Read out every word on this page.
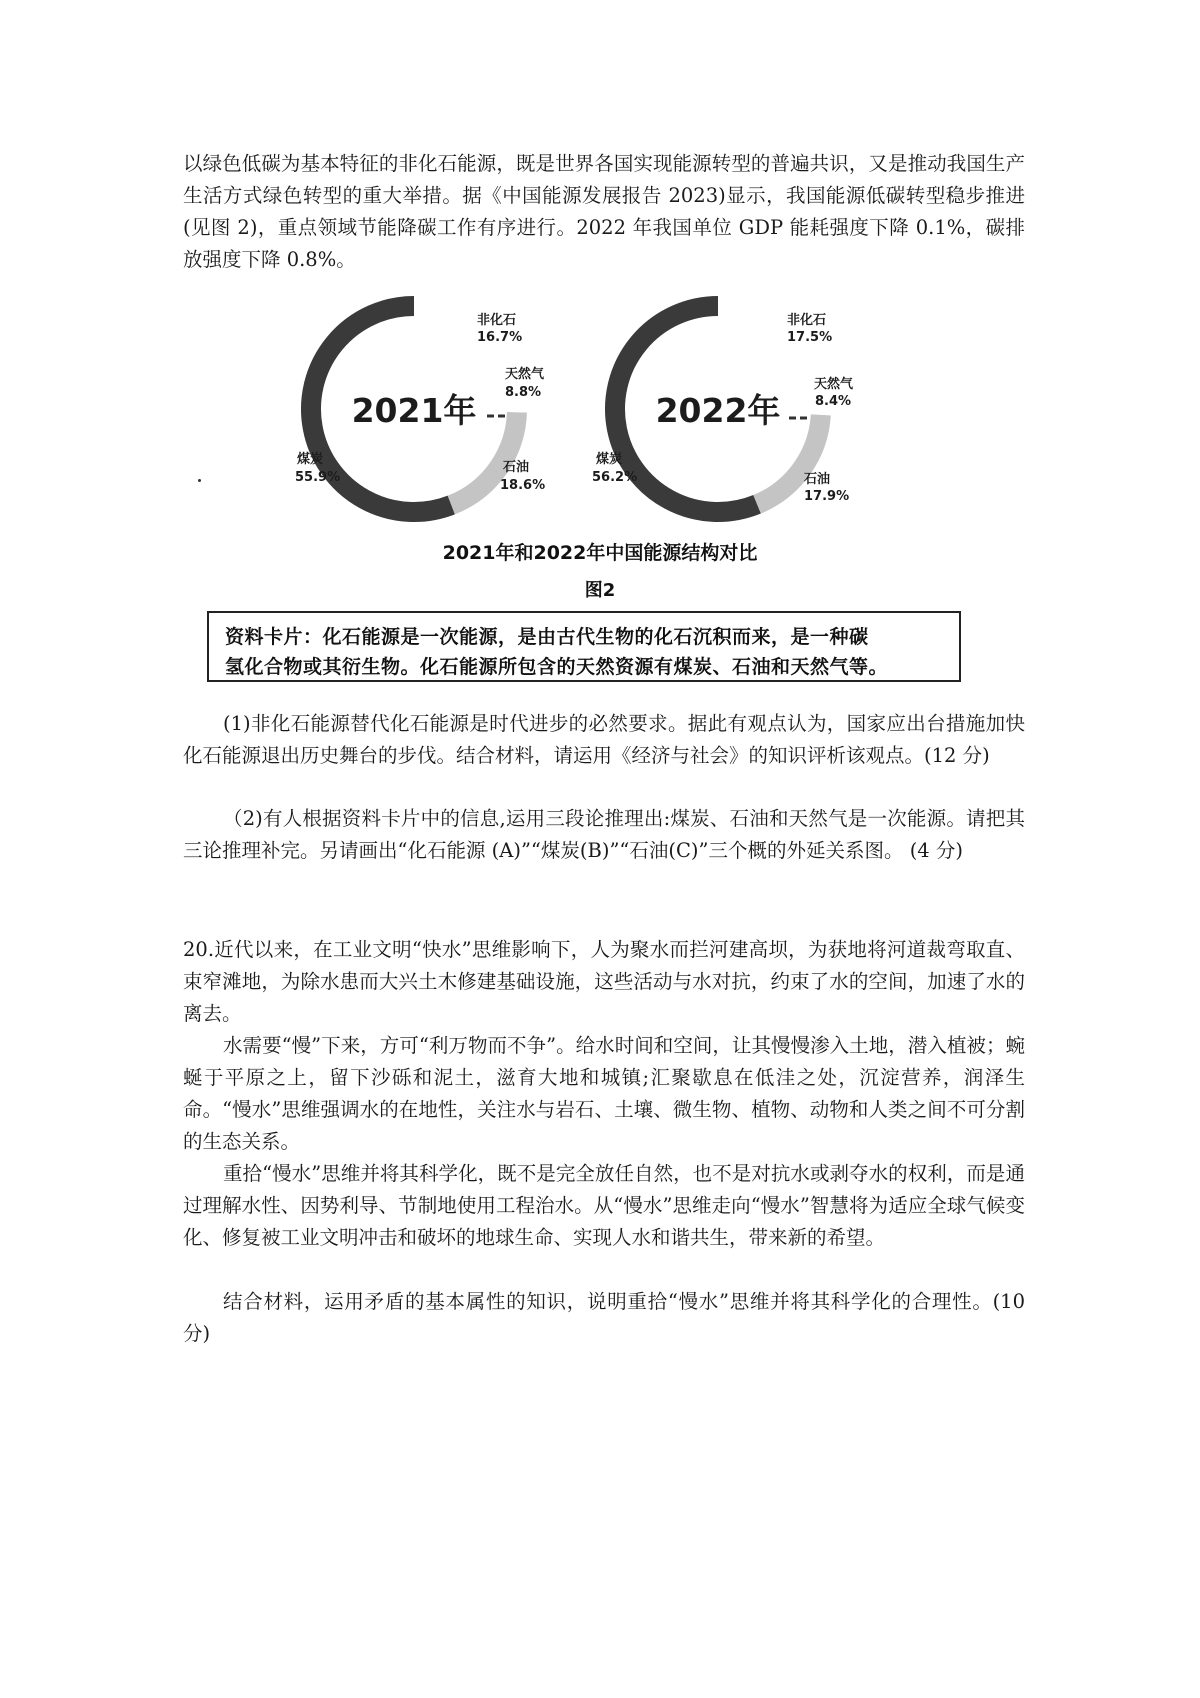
以绿色低碳为基本特征的非化石能源，既是世界各国实现能源转型的普遍共识，又是推动我国生产生活方式绿色转型的重大举措。据《中国能源发展报告 2023)显示，我国能源低碳转型稳步推进(见图 2)，重点领域节能降碳工作有序进行。2022 年我国单位 GDP 能耗强度下降 0.1%，碳排放强度下降 0.8%。

2021年	2022年
非化石
16.7%
天然气
8.8%
石油
18.6%
煤炭
55.9%
非化石
17.5%
天然气
8.4%
石油
17.9%
煤炭
56.2%
2021年和2022年中国能源结构对比
图2
资料卡片：化石能源是一次能源，是由古代生物的化石沉积而来，是一种碳
氢化合物或其衍生物。化石能源所包含的天然资源有煤炭、石油和天然气等。

(1)非化石能源替代化石能源是时代进步的必然要求。据此有观点认为，国家应出台措施加快化石能源退出历史舞台的步伐。结合材料，请运用《经济与社会》的知识评析该观点。(12 分)

（2)有人根据资料卡片中的信息,运用三段论推理出:煤炭、石油和天然气是一次能源。请把其三论推理补完。另请画出“化石能源 (A)”“煤炭(B)”“石油(C)”三个概的外延关系图。 (4 分)

20.近代以来，在工业文明“快水”思维影响下，人为聚水而拦河建高坝，为获地将河道裁弯取直、束窄滩地，为除水患而大兴土木修建基础设施，这些活动与水对抗，约束了水的空间，加速了水的离去。

水需要“慢”下来，方可“利万物而不争”。给水时间和空间，让其慢慢渗入土地，潜入植被；蜿蜒于平原之上，留下沙砾和泥土，滋育大地和城镇;汇聚歇息在低洼之处，沉淀营养，润泽生命。“慢水”思维强调水的在地性，关注水与岩石、土壤、微生物、植物、动物和人类之间不可分割的生态关系。

重拾“慢水”思维并将其科学化，既不是完全放任自然，也不是对抗水或剥夺水的权利，而是通过理解水性、因势利导、节制地使用工程治水。从“慢水”思维走向“慢水”智慧将为适应全球气候变化、修复被工业文明冲击和破坏的地球生命、实现人水和谐共生，带来新的希望。

结合材料，运用矛盾的基本属性的知识，说明重拾“慢水”思维并将其科学化的合理性。(10 分)
